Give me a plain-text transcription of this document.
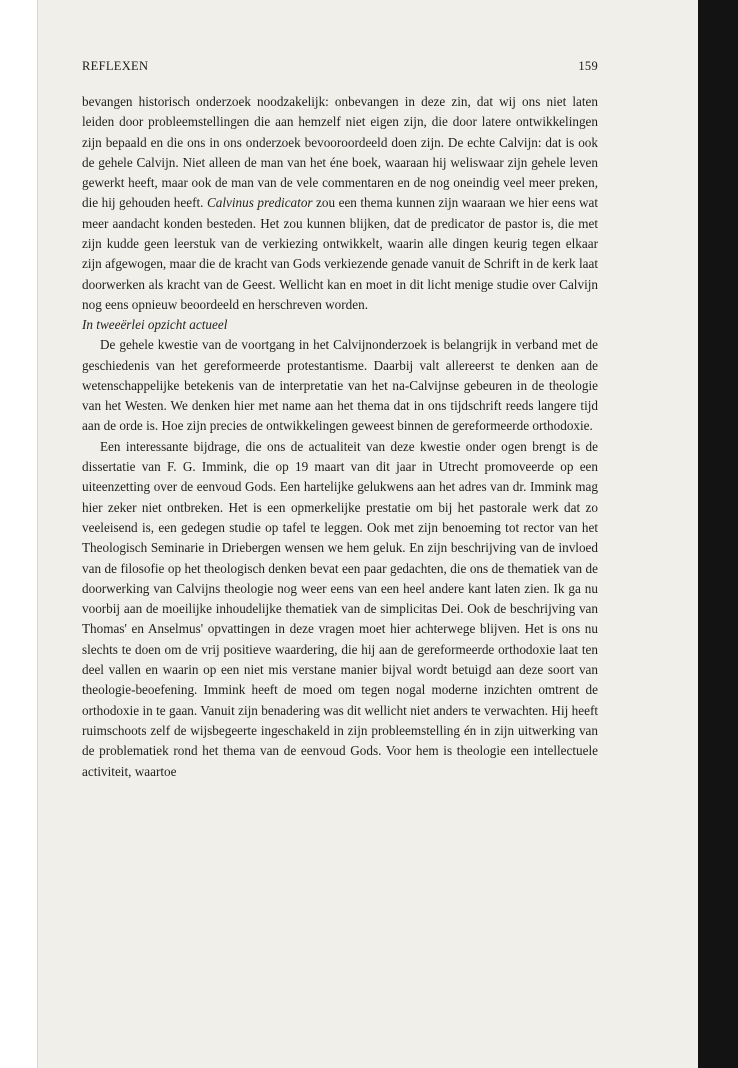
REFLEXEN	159

bevangen historisch onderzoek noodzakelijk: onbevangen in deze zin, dat wij ons niet laten leiden door probleemstellingen die aan hemzelf niet eigen zijn, die door latere ontwikkelingen zijn bepaald en die ons in ons onderzoek bevooroordeeld doen zijn. De echte Calvijn: dat is ook de gehele Calvijn. Niet alleen de man van het éne boek, waaraan hij weliswaar zijn gehele leven gewerkt heeft, maar ook de man van de vele commentaren en de nog oneindig veel meer preken, die hij gehouden heeft. Calvinus predicator zou een thema kunnen zijn waaraan we hier eens wat meer aandacht konden besteden. Het zou kunnen blijken, dat de predicator de pastor is, die met zijn kudde geen leerstuk van de verkiezing ontwikkelt, waarin alle dingen keurig tegen elkaar zijn afgewogen, maar die de kracht van Gods verkiezende genade vanuit de Schrift in de kerk laat doorwerken als kracht van de Geest. Wellicht kan en moet in dit licht menige studie over Calvijn nog eens opnieuw beoordeeld en herschreven worden.

In tweeërlei opzicht actueel

De gehele kwestie van de voortgang in het Calvijnonderzoek is belangrijk in verband met de geschiedenis van het gereformeerde protestantisme. Daarbij valt allereerst te denken aan de wetenschappelijke betekenis van de interpretatie van het na-Calvijnse gebeuren in de theologie van het Westen. We denken hier met name aan het thema dat in ons tijdschrift reeds langere tijd aan de orde is. Hoe zijn precies de ontwikkelingen geweest binnen de gereformeerde orthodoxie.

Een interessante bijdrage, die ons de actualiteit van deze kwestie onder ogen brengt is de dissertatie van F. G. Immink, die op 19 maart van dit jaar in Utrecht promoveerde op een uiteenzetting over de eenvoud Gods. Een hartelijke gelukwens aan het adres van dr. Immink mag hier zeker niet ontbreken. Het is een opmerkelijke prestatie om bij het pastorale werk dat zo veeleisend is, een gedegen studie op tafel te leggen. Ook met zijn benoeming tot rector van het Theologisch Seminarie in Driebergen wensen we hem geluk. En zijn beschrijving van de invloed van de filosofie op het theologisch denken bevat een paar gedachten, die ons de thematiek van de doorwerking van Calvijns theologie nog weer eens van een heel andere kant laten zien. Ik ga nu voorbij aan de moeilijke inhoudelijke thematiek van de simplicitas Dei. Ook de beschrijving van Thomas' en Anselmus' opvattingen in deze vragen moet hier achterwege blijven. Het is ons nu slechts te doen om de vrij positieve waardering, die hij aan de gereformeerde orthodoxie laat ten deel vallen en waarin op een niet mis verstane manier bijval wordt betuigd aan deze soort van theologie-beoefening. Immink heeft de moed om tegen nogal moderne inzichten omtrent de orthodoxie in te gaan. Vanuit zijn benadering was dit wellicht niet anders te verwachten. Hij heeft ruimschoots zelf de wijsbegeerte ingeschakeld in zijn probleemstelling én in zijn uitwerking van de problematiek rond het thema van de eenvoud Gods. Voor hem is theologie een intellectuele activiteit, waartoe
